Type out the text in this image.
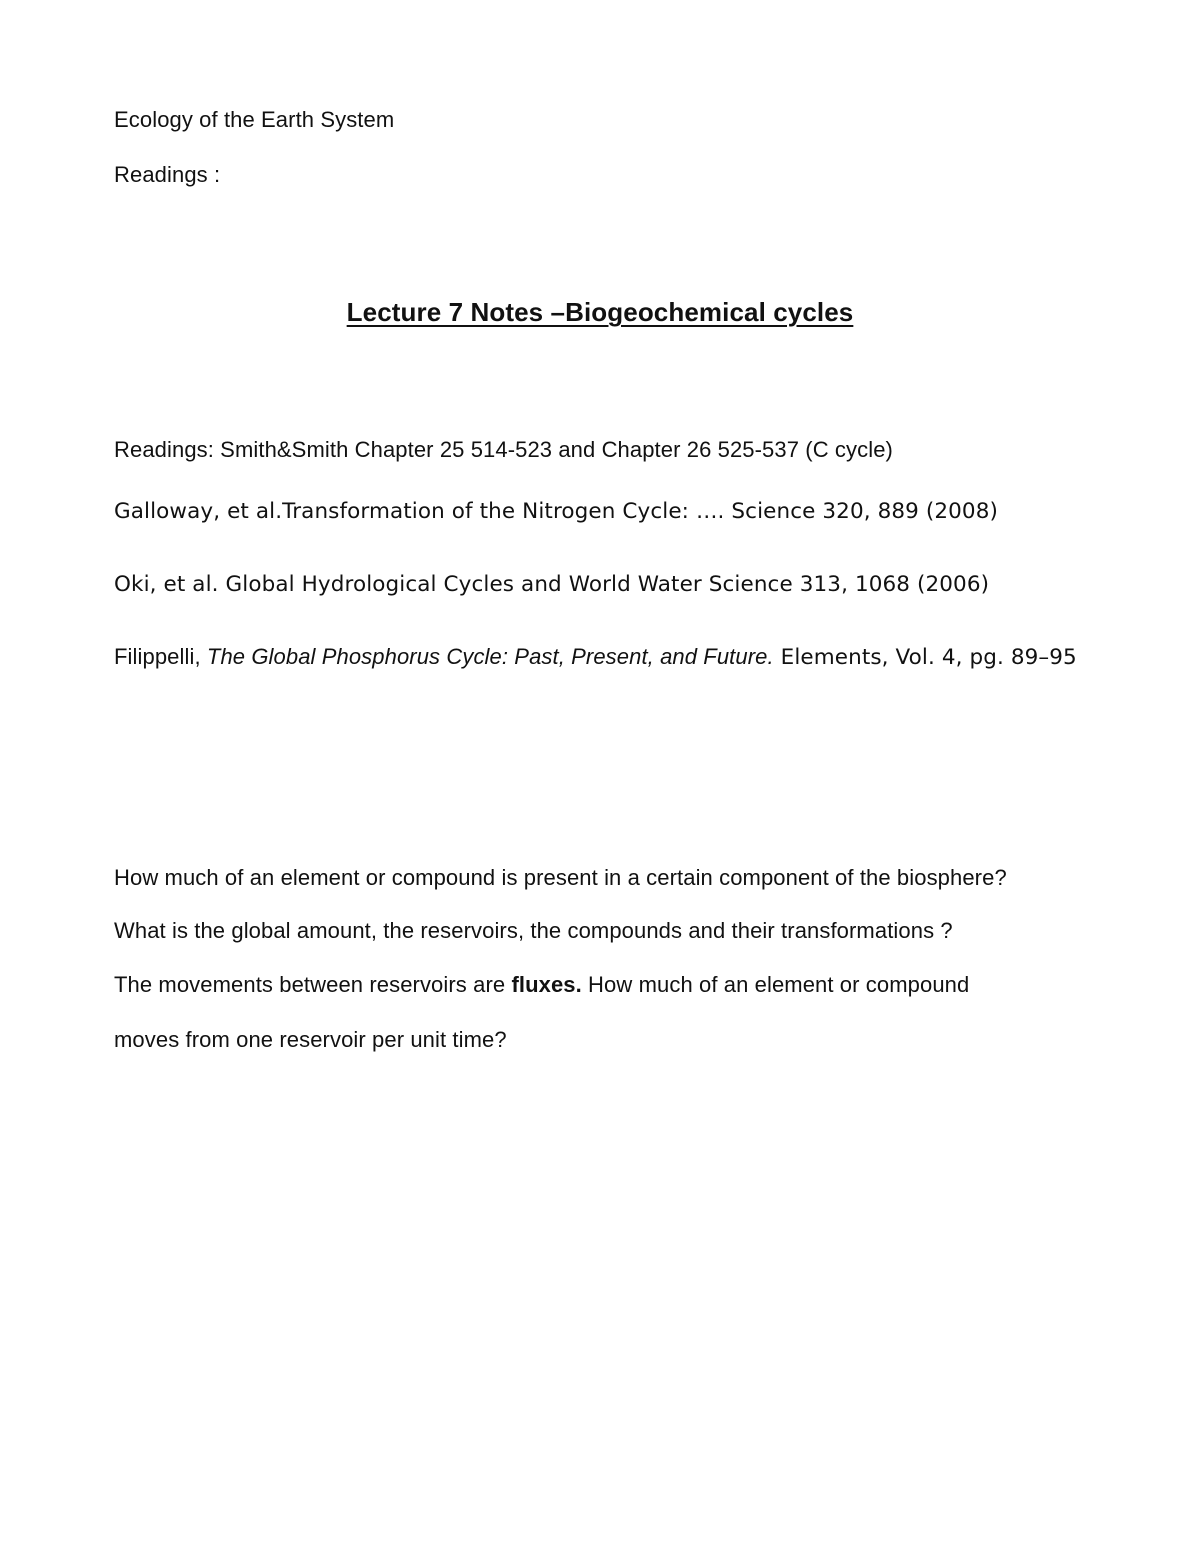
Ecology of the Earth System
Readings :
Lecture 7 Notes –Biogeochemical cycles
Readings: Smith&Smith Chapter 25 514-523 and Chapter 26 525-537 (C cycle)
Galloway, et al.Transformation of the Nitrogen Cycle: …. Science 320, 889 (2008)
Oki, et al. Global Hydrological Cycles and World Water Science 313, 1068 (2006)
Filippelli, The Global Phosphorus Cycle: Past, Present, and Future. Elements, Vol. 4, pg. 89–95
How much of an element or compound is present in a certain component of the biosphere?
What is the global amount, the reservoirs, the compounds and their transformations ?
The movements between reservoirs are fluxes. How much of an element or compound
moves from one reservoir per unit time?
